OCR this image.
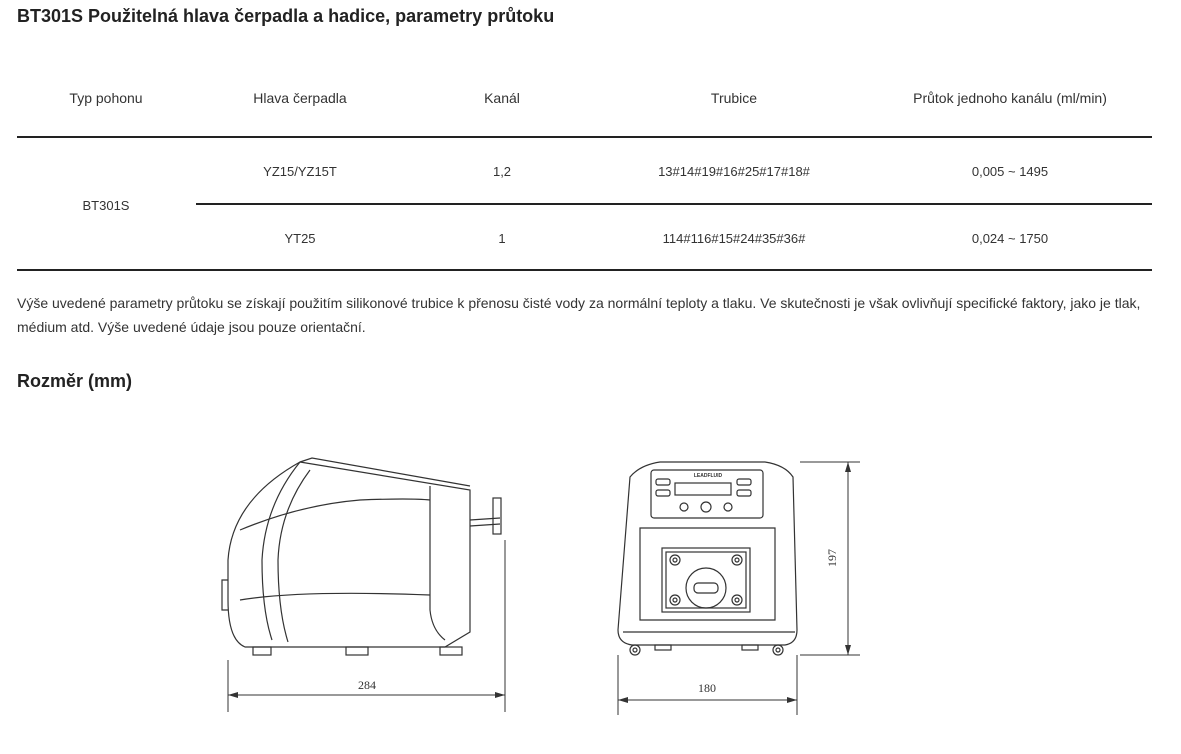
BT301S Použitelná hlava čerpadla a hadice, parametry průtoku
Typ pohonu	Hlava čerpadla	Kanál	Trubice	Průtok jednoho kanálu (ml/min)
BT301S
YZ15/YZ15T	1,2	13#14#19#16#25#17#18#	0,005 ~ 1495
YT25	1	114#116#15#24#35#36#	0,024 ~ 1750

Výše uvedené parametry průtoku se získají použitím silikonové trubice k přenosu čisté vody za normální teploty a tlaku. Ve skutečnosti je však ovlivňují specifické faktory, jako je tlak, médium atd. Výše uvedené údaje jsou pouze orientační.

Rozměr (mm)
284	180
197
LEADFLUID
